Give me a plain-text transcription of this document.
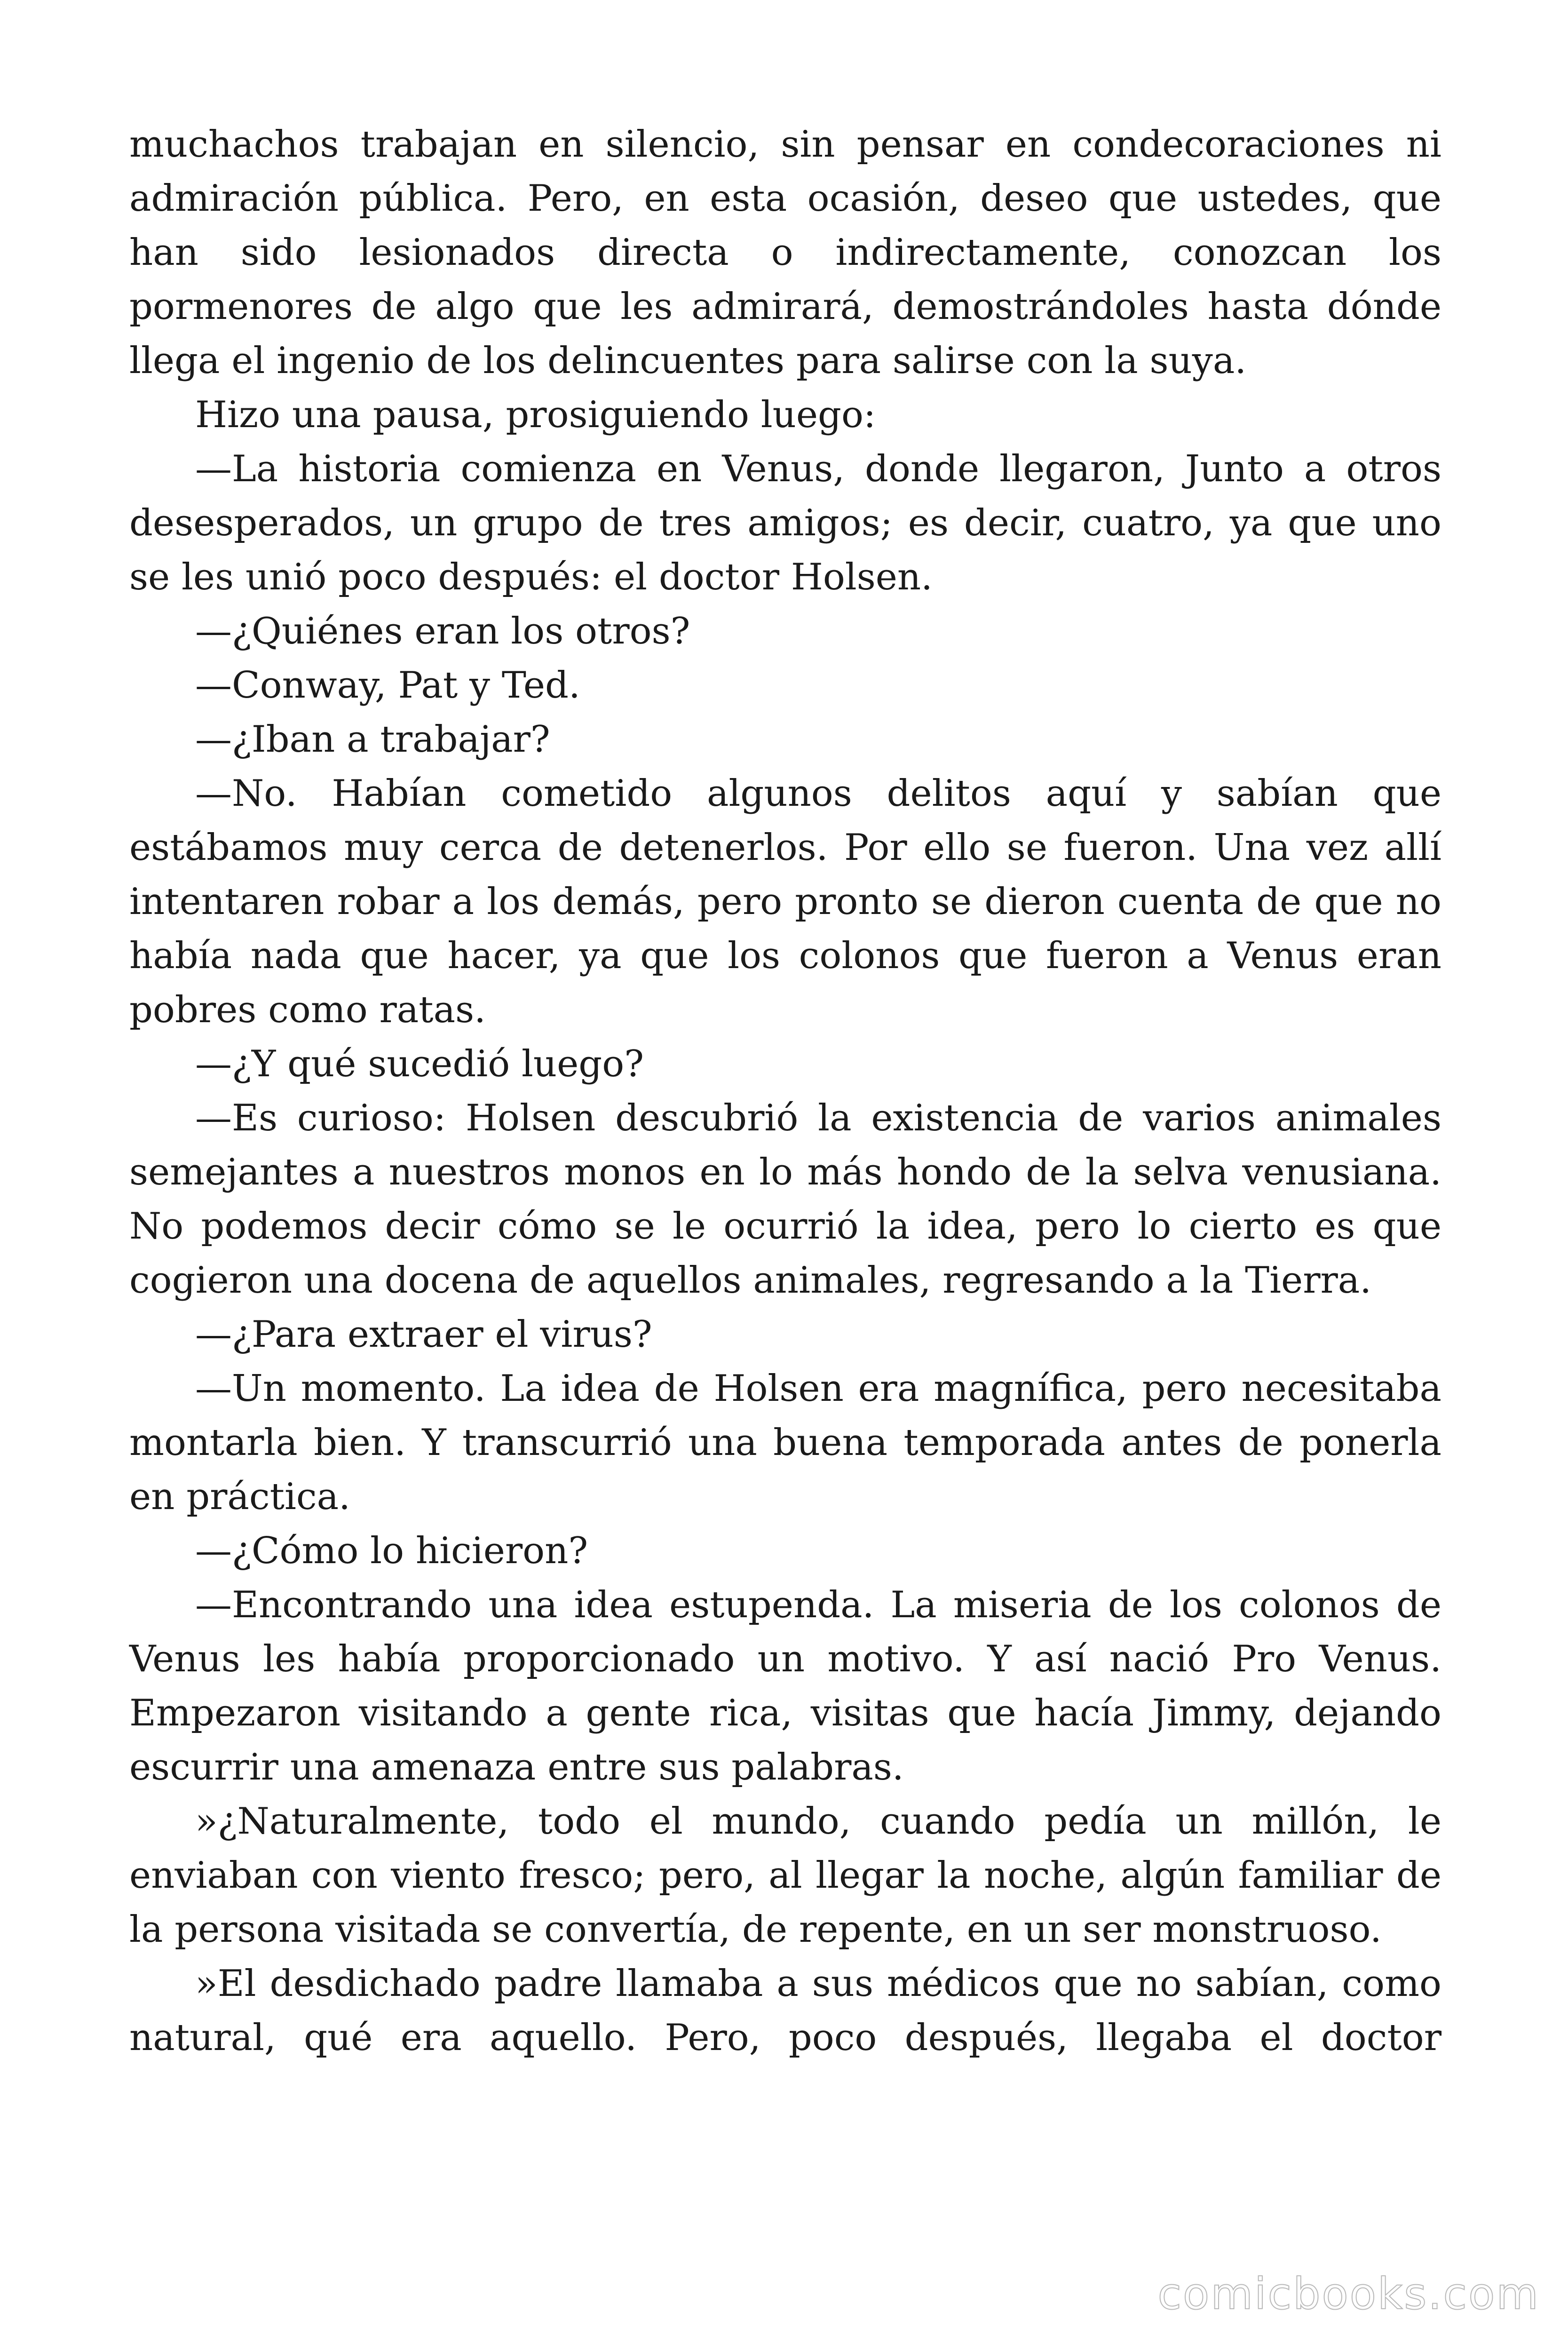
muchachos trabajan en silencio, sin pensar en condecoraciones ni admiración pública. Pero, en esta ocasión, deseo que ustedes, que han sido lesionados directa o indirectamente, conozcan los pormenores de algo que les admirará, demostrándoles hasta dónde llega el ingenio de los delincuentes para salirse con la suya.

Hizo una pausa, prosiguiendo luego:

—La historia comienza en Venus, donde llegaron, Junto a otros desesperados, un grupo de tres amigos; es decir, cuatro, ya que uno se les unió poco después: el doctor Holsen.

—¿Quiénes eran los otros?

—Conway, Pat y Ted.

—¿Iban a trabajar?

—No. Habían cometido algunos delitos aquí y sabían que estábamos muy cerca de detenerlos. Por ello se fueron. Una vez allí intentaren robar a los demás, pero pronto se dieron cuenta de que no había nada que hacer, ya que los colonos que fueron a Venus eran pobres como ratas.

—¿Y qué sucedió luego?

—Es curioso: Holsen descubrió la existencia de varios animales semejantes a nuestros monos en lo más hondo de la selva venusiana. No podemos decir cómo se le ocurrió la idea, pero lo cierto es que cogieron una docena de aquellos animales, regresando a la Tierra.

—¿Para extraer el virus?

—Un momento. La idea de Holsen era magnífica, pero necesitaba montarla bien. Y transcurrió una buena temporada antes de ponerla en práctica.

—¿Cómo lo hicieron?

—Encontrando una idea estupenda. La miseria de los colonos de Venus les había proporcionado un motivo. Y así nació Pro Venus. Empezaron visitando a gente rica, visitas que hacía Jimmy, dejando escurrir una amenaza entre sus palabras.

»¿Naturalmente, todo el mundo, cuando pedía un millón, le enviaban con viento fresco; pero, al llegar la noche, algún familiar de la persona visitada se convertía, de repente, en un ser monstruoso.

»El desdichado padre llamaba a sus médicos que no sabían, como natural, qué era aquello. Pero, poco después, llegaba el doctor

comicbooks.com
